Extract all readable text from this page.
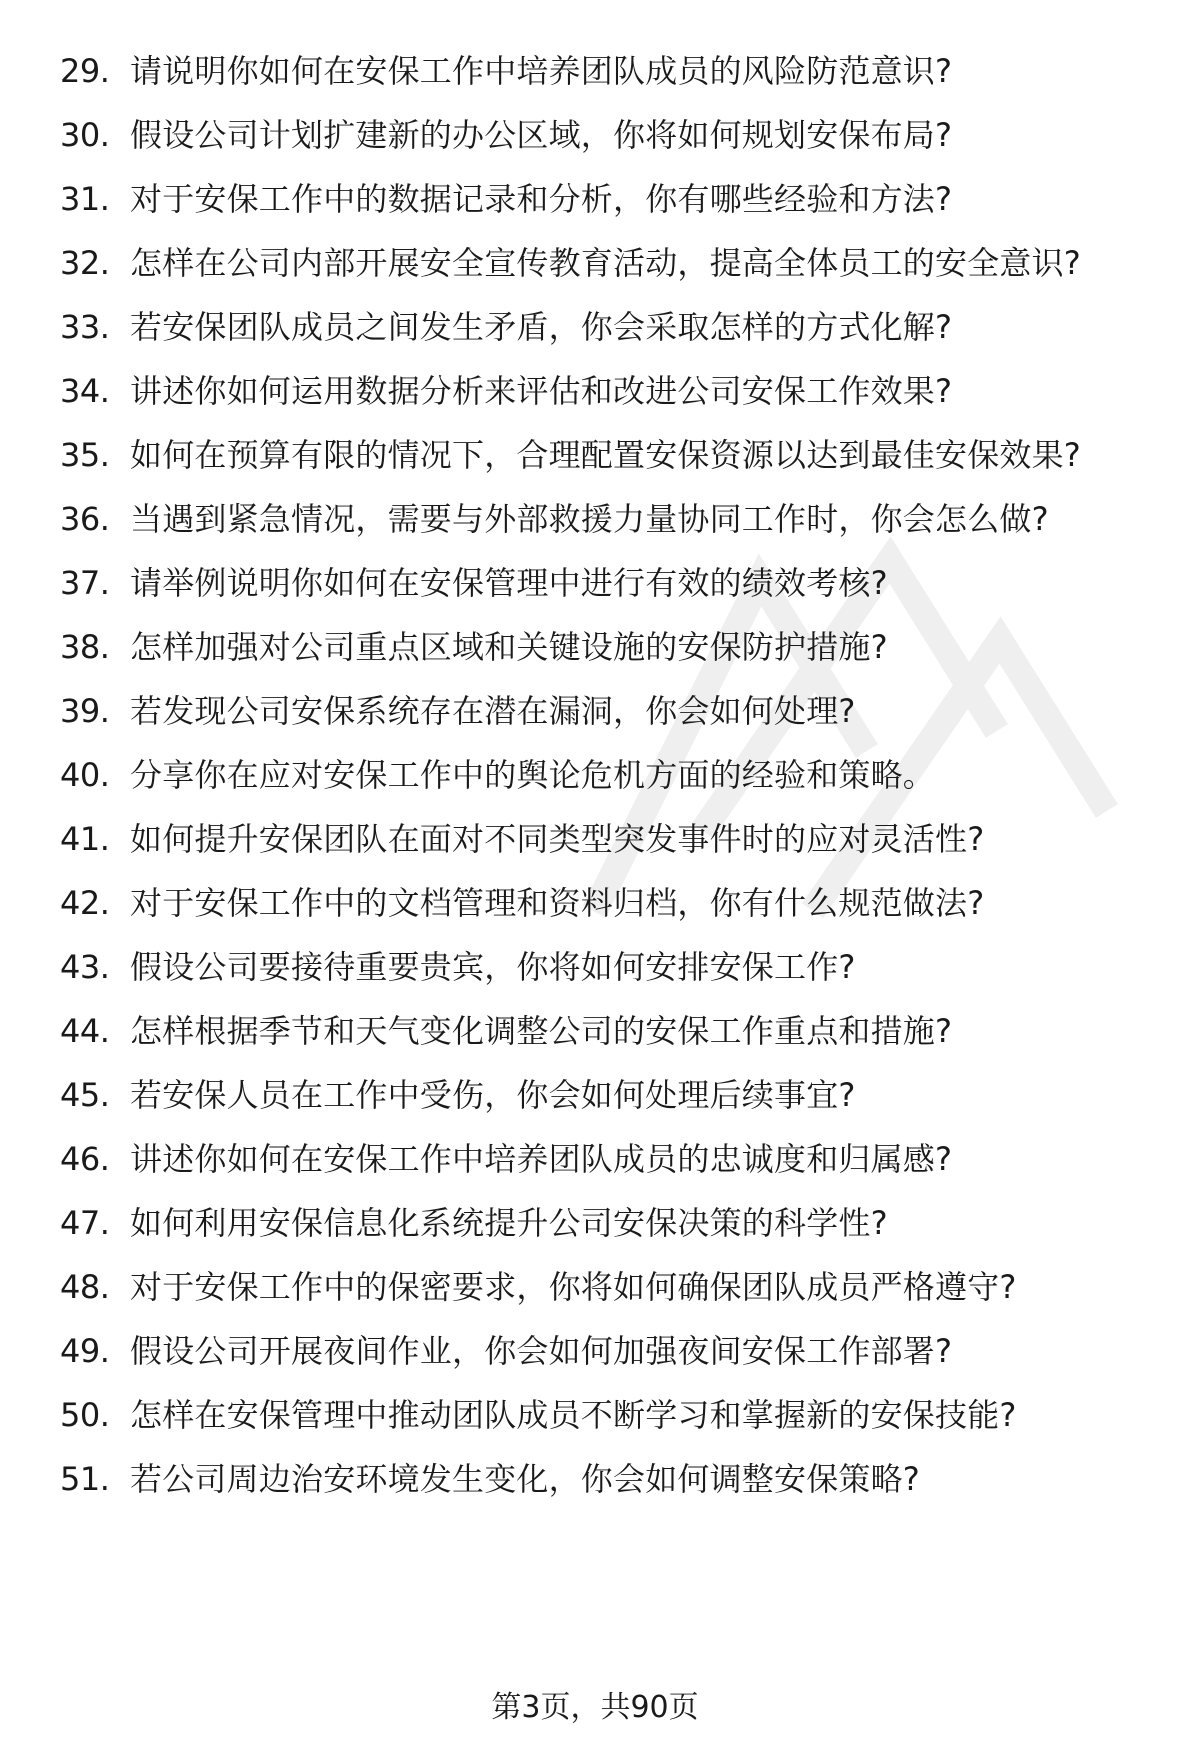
29. 请说明你如何在安保工作中培养团队成员的风险防范意识?
30. 假设公司计划扩建新的办公区域，你将如何规划安保布局?
31. 对于安保工作中的数据记录和分析，你有哪些经验和方法?
32. 怎样在公司内部开展安全宣传教育活动，提高全体员工的安全意识?
33. 若安保团队成员之间发生矛盾，你会采取怎样的方式化解?
34. 讲述你如何运用数据分析来评估和改进公司安保工作效果?
35. 如何在预算有限的情况下，合理配置安保资源以达到最佳安保效果?
36. 当遇到紧急情况，需要与外部救援力量协同工作时，你会怎么做?
37. 请举例说明你如何在安保管理中进行有效的绩效考核?
38. 怎样加强对公司重点区域和关键设施的安保防护措施?
39. 若发现公司安保系统存在潜在漏洞，你会如何处理?
40. 分享你在应对安保工作中的舆论危机方面的经验和策略。
41. 如何提升安保团队在面对不同类型突发事件时的应对灵活性?
42. 对于安保工作中的文档管理和资料归档，你有什么规范做法?
43. 假设公司要接待重要贵宾，你将如何安排安保工作?
44. 怎样根据季节和天气变化调整公司的安保工作重点和措施?
45. 若安保人员在工作中受伤，你会如何处理后续事宜?
46. 讲述你如何在安保工作中培养团队成员的忠诚度和归属感?
47. 如何利用安保信息化系统提升公司安保决策的科学性?
48. 对于安保工作中的保密要求，你将如何确保团队成员严格遵守?
49. 假设公司开展夜间作业，你会如何加强夜间安保工作部署?
50. 怎样在安保管理中推动团队成员不断学习和掌握新的安保技能?
51. 若公司周边治安环境发生变化，你会如何调整安保策略?
第3页，共90页
